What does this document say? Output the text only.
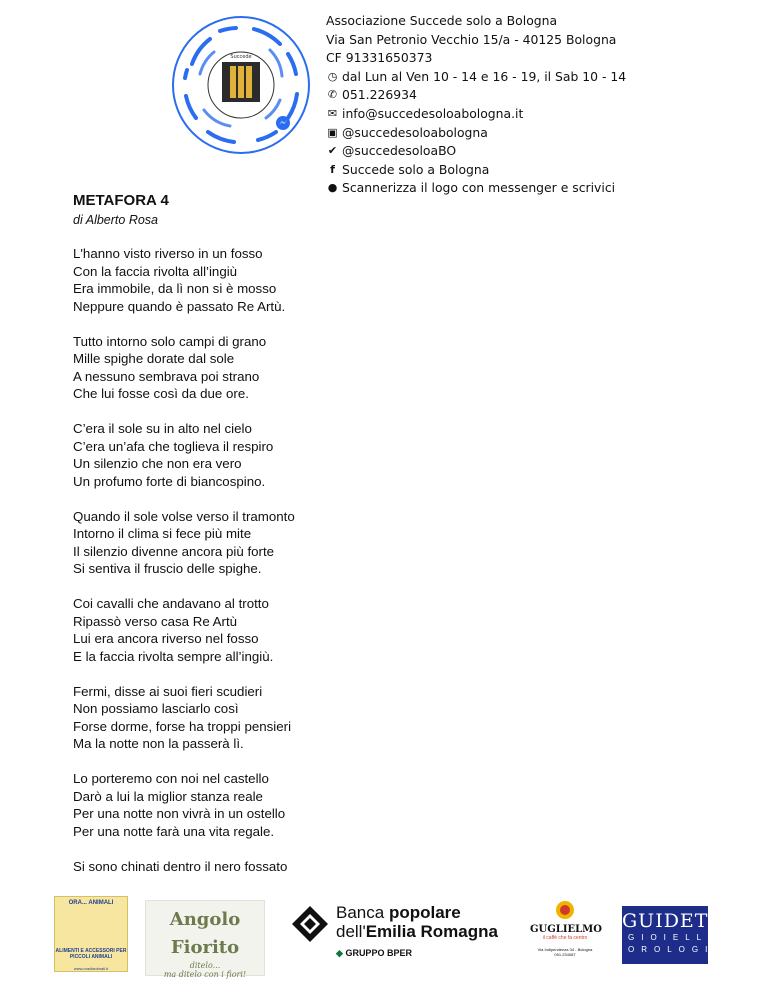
Succede
Associazione Succede solo a Bologna
Via San Petronio Vecchio 15/a - 40125 Bologna
CF 91331650373
◷ dal Lun al Ven 10 - 14 e 16 - 19, il Sab 10 - 14
✆ 051.226934
✉ info@succedesoloabologna.it
▣ @succedesoloabologna
✔ @succedesoloaBO
f Succede solo a Bologna
● Scannerizza il logo con messenger e scrivici
METAFORA 4
di Alberto Rosa
L'hanno visto riverso in un fosso
Con la faccia rivolta all’ingiù
Era immobile, da lì non si è mosso
Neppure quando è passato Re Artù.
Tutto intorno solo campi di grano
Mille spighe dorate dal sole
A nessuno sembrava poi strano
Che lui fosse così da due ore.
C’era il sole su in alto nel cielo
C’era un’afa che toglieva il respiro
Un silenzio che non era vero
Un profumo forte di biancospino.
Quando il sole volse verso il tramonto
Intorno il clima si fece più mite
Il silenzio divenne ancora più forte
Si sentiva il fruscio delle spighe.
Coi cavalli che andavano al trotto
Ripassò verso casa Re Artù
Lui era ancora riverso nel fosso
E la faccia rivolta sempre all’ingiù.
Fermi, disse ai suoi fieri scudieri
Non possiamo lasciarlo così
Forse dorme, forse ha troppi pensieri
Ma la notte non la passerà lì.
Lo porteremo con noi nel castello
Darò a lui la miglior stanza reale
Per una notte non vivrà in un ostello
Per una notte farà una vita regale.
Si sono chinati dentro il nero fossato
ORA... ANIMALI
ALIMENTI E ACCESSORI PER PICCOLI ANIMALI
www.oradianimali.it
Angolo
Fiorito
ditelo...
ma ditelo con i fiori!
Banca popolare
dell'Emilia Romagna
◆ GRUPPO BPER
GUGLIELMO
il caffè che fa centro
Via Indipendenza 34 - Bologna
051.234087
GUIDETTI
GIOIELLI
OROLOGI
